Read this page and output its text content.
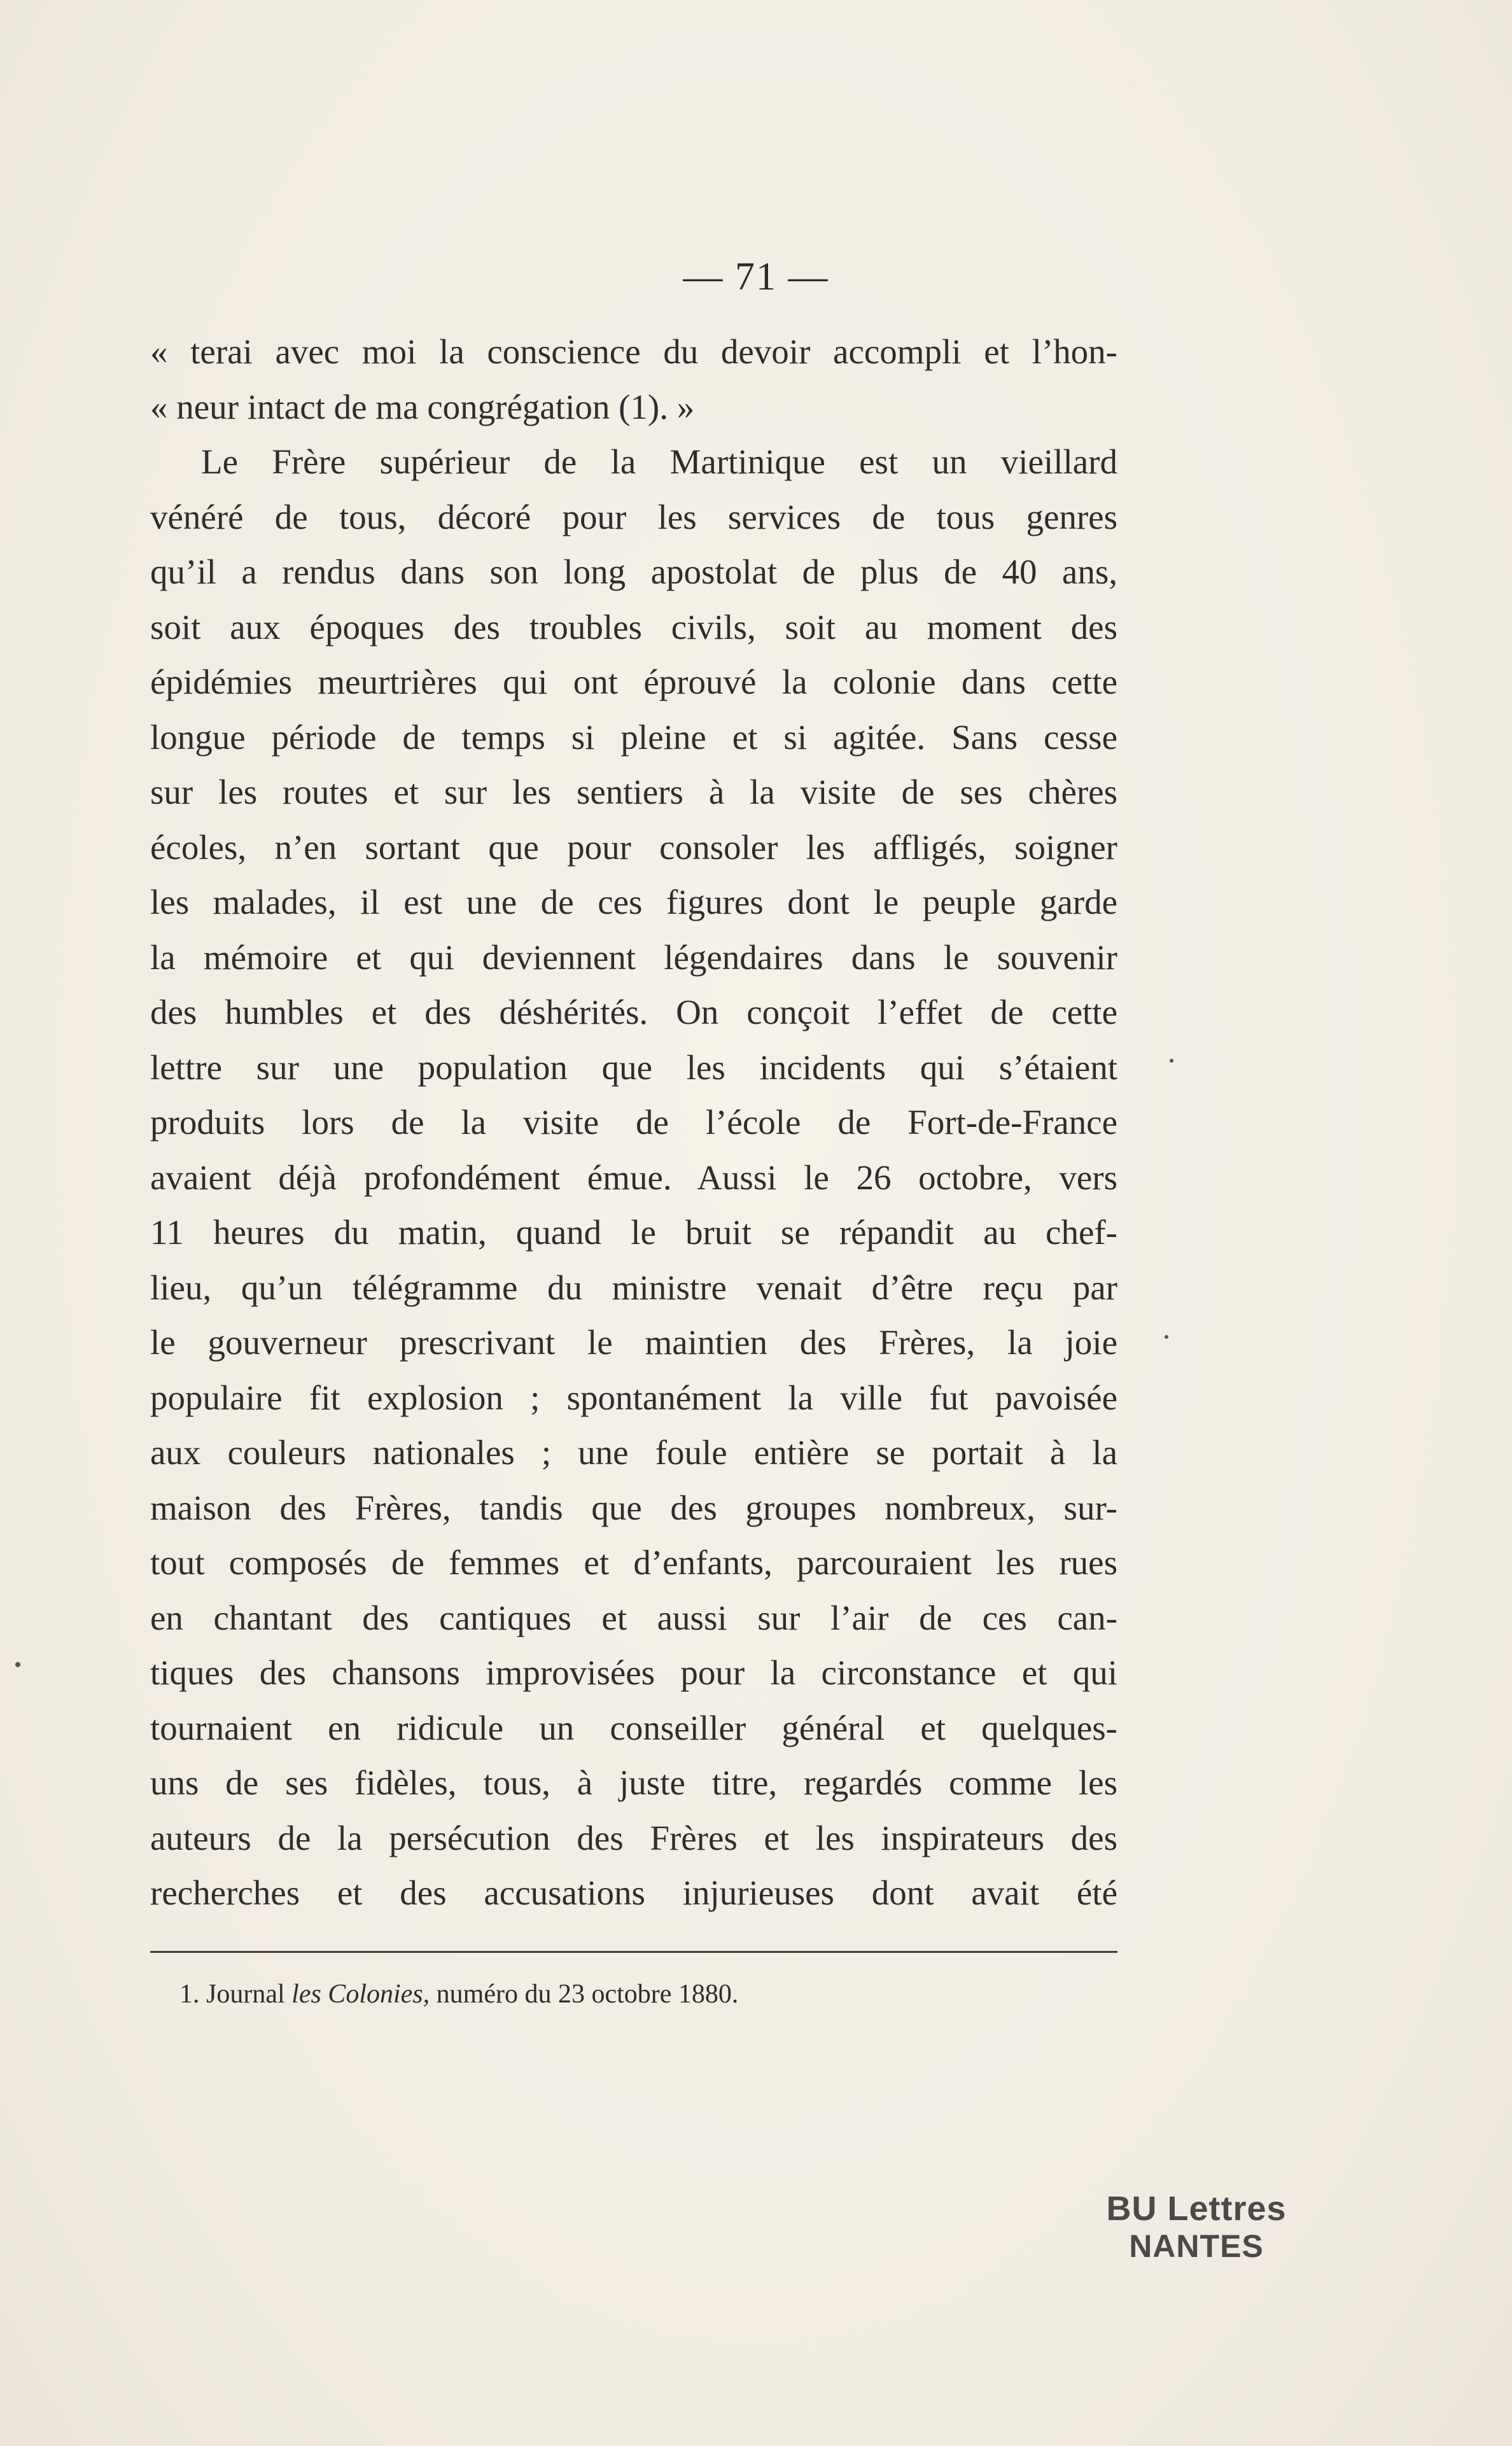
— 71 —
« terai avec moi la conscience du devoir accompli et l’hon-
« neur intact de ma congrégation (1). »
Le Frère supérieur de la Martinique est un vieillard
vénéré de tous, décoré pour les services de tous genres
qu’il a rendus dans son long apostolat de plus de 40 ans,
soit aux époques des troubles civils, soit au moment des
épidémies meurtrières qui ont éprouvé la colonie dans cette
longue période de temps si pleine et si agitée. Sans cesse
sur les routes et sur les sentiers à la visite de ses chères
écoles, n’en sortant que pour consoler les affligés, soigner
les malades, il est une de ces figures dont le peuple garde
la mémoire et qui deviennent légendaires dans le souvenir
des humbles et des déshérités. On conçoit l’effet de cette
lettre sur une population que les incidents qui s’étaient
produits lors de la visite de l’école de Fort-de-France
avaient déjà profondément émue. Aussi le 26 octobre, vers
11 heures du matin, quand le bruit se répandit au chef-
lieu, qu’un télégramme du ministre venait d’être reçu par
le gouverneur prescrivant le maintien des Frères, la joie
populaire fit explosion ; spontanément la ville fut pavoisée
aux couleurs nationales ; une foule entière se portait à la
maison des Frères, tandis que des groupes nombreux, sur-
tout composés de femmes et d’enfants, parcouraient les rues
en chantant des cantiques et aussi sur l’air de ces can-
tiques des chansons improvisées pour la circonstance et qui
tournaient en ridicule un conseiller général et quelques-
uns de ses fidèles, tous, à juste titre, regardés comme les
auteurs de la persécution des Frères et les inspirateurs des
recherches et des accusations injurieuses dont avait été
1. Journal les Colonies, numéro du 23 octobre 1880.
BU Lettres
NANTES
